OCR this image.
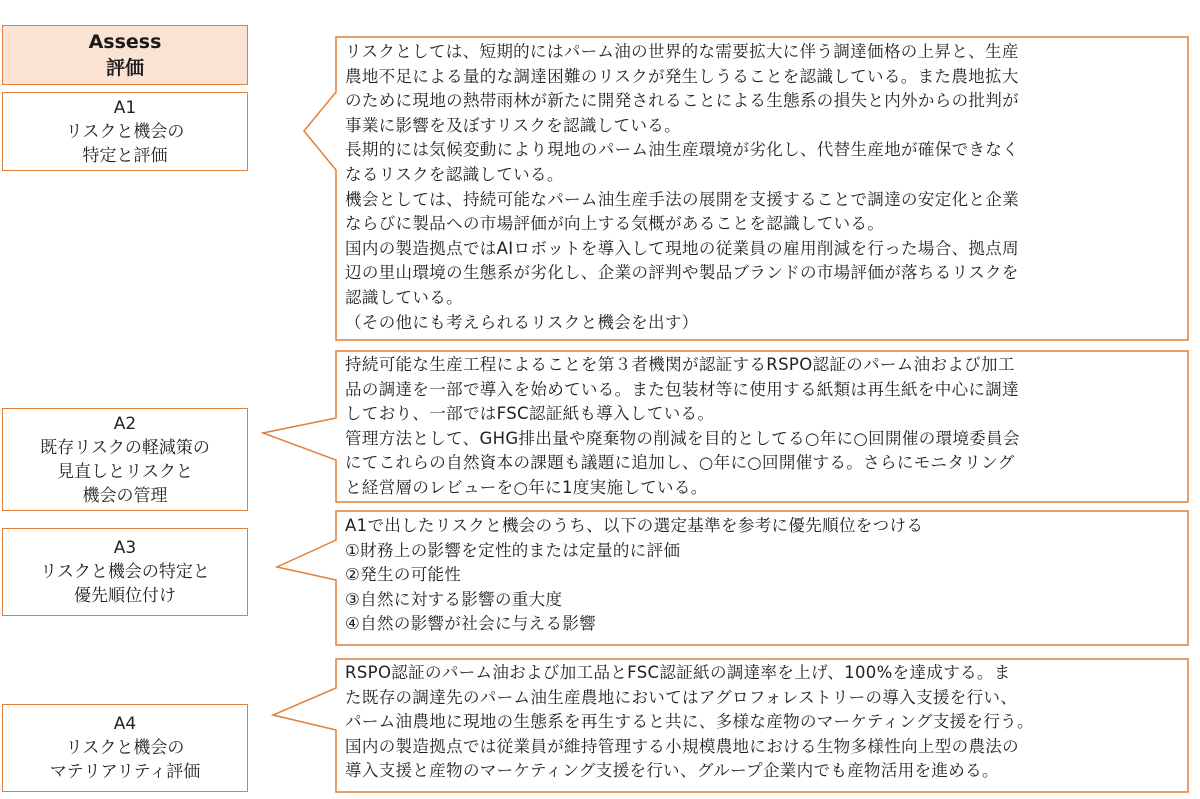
Assess
評価
A1
リスクと機会の
特定と評価
A2
既存リスクの軽減策の
見直しとリスクと
機会の管理
A3
リスクと機会の特定と
優先順位付け
A4
リスクと機会の
マテリアリティ評価
リスクとしては、短期的にはパーム油の世界的な需要拡大に伴う調達価格の上昇と、生産
農地不足による量的な調達困難のリスクが発生しうることを認識している。また農地拡大
のために現地の熱帯雨林が新たに開発されることによる生態系の損失と内外からの批判が
事業に影響を及ぼすリスクを認識している。
長期的には気候変動により現地のパーム油生産環境が劣化し、代替生産地が確保できなく
なるリスクを認識している。
機会としては、持続可能なパーム油生産手法の展開を支援することで調達の安定化と企業
ならびに製品への市場評価が向上する気概があることを認識している。
国内の製造拠点ではAIロボットを導入して現地の従業員の雇用削減を行った場合、拠点周
辺の里山環境の生態系が劣化し、企業の評判や製品ブランドの市場評価が落ちるリスクを
認識している。
（その他にも考えられるリスクと機会を出す）
持続可能な生産工程によることを第３者機関が認証するRSPO認証のパーム油および加工
品の調達を一部で導入を始めている。また包装材等に使用する紙類は再生紙を中心に調達
しており、一部ではFSC認証紙も導入している。
管理方法として、GHG排出量や廃棄物の削減を目的としてる○年に○回開催の環境委員会
にてこれらの自然資本の課題も議題に追加し、○年に○回開催する。さらにモニタリング
と経営層のレビューを○年に1度実施している。
A1で出したリスクと機会のうち、以下の選定基準を参考に優先順位をつける
①財務上の影響を定性的または定量的に評価
②発生の可能性
③自然に対する影響の重大度
④自然の影響が社会に与える影響
RSPO認証のパーム油および加工品とFSC認証紙の調達率を上げ、100%を達成する。ま
た既存の調達先のパーム油生産農地においてはアグロフォレストリーの導入支援を行い、
パーム油農地に現地の生態系を再生すると共に、多様な産物のマーケティング支援を行う。
国内の製造拠点では従業員が維持管理する小規模農地における生物多様性向上型の農法の
導入支援と産物のマーケティング支援を行い、グループ企業内でも産物活用を進める。
